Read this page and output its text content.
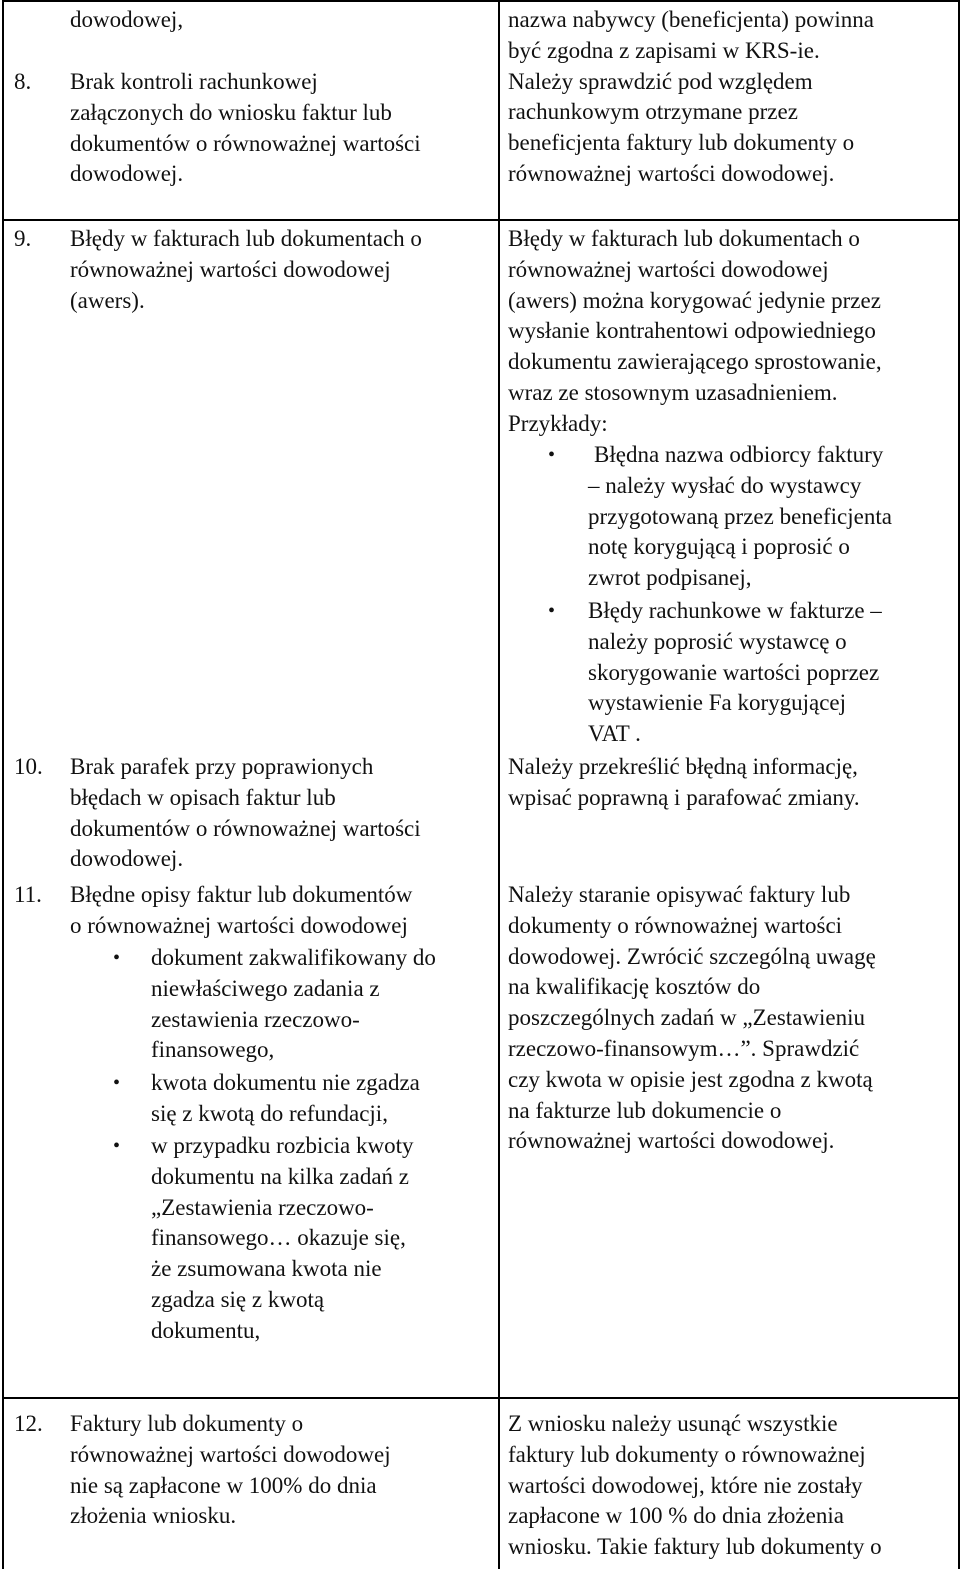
dowodowej,	nazwa nabywcy (beneficjenta) powinna

być zgodna z zapisami w KRS-ie.

Należy sprawdzić pod względem

rachunkowym otrzymane przez

beneficjenta faktury lub dokumenty o

równoważnej wartości dowodowej.

8. Brak kontroli rachunkowej

załączonych do wniosku faktur lub

dokumentów o równoważnej wartości

dowodowej.

9. Błędy w fakturach lub dokumentach o

równoważnej wartości dowodowej

(awers).

Błędy w fakturach lub dokumentach o

równoważnej wartości dowodowej

(awers) można korygować jedynie przez

wysłanie kontrahentowi odpowiedniego

dokumentu zawierającego sprostowanie,

wraz ze stosownym uzasadnieniem.

Przykłady:

• Błędna nazwa odbiorcy faktury

– należy wysłać do wystawcy

przygotowaną przez beneficjenta

notę korygującą i poprosić o

zwrot podpisanej,

• Błędy rachunkowe w fakturze –

należy poprosić wystawcę o

skorygowanie wartości poprzez

wystawienie Fa korygującej

VAT .

10. Brak parafek przy poprawionych

błędach w opisach faktur lub

dokumentów o równoważnej wartości

dowodowej.

Należy przekreślić błędną informację,

wpisać poprawną i parafować zmiany.

11. Błędne opisy faktur lub dokumentów

o równoważnej wartości dowodowej

• dokument zakwalifikowany do

niewłaściwego zadania z

zestawienia rzeczowo-

finansowego,

• kwota dokumentu nie zgadza

się z kwotą do refundacji,

• w przypadku rozbicia kwoty

dokumentu na kilka zadań z

„Zestawienia rzeczowo-

finansowego… okazuje się,

że zsumowana kwota nie

zgadza się z kwotą

dokumentu,

Należy staranie opisywać faktury lub

dokumenty o równoważnej wartości

dowodowej. Zwrócić szczególną uwagę

na kwalifikację kosztów do

poszczególnych zadań w „Zestawieniu

rzeczowo-finansowym…”. Sprawdzić

czy kwota w opisie jest zgodna z kwotą

na fakturze lub dokumencie o

równoważnej wartości dowodowej.

12. Faktury lub dokumenty o

równoważnej wartości dowodowej

nie są zapłacone w 100% do dnia

złożenia wniosku.

Z wniosku należy usunąć wszystkie

faktury lub dokumenty o równoważnej

wartości dowodowej, które nie zostały

zapłacone w 100 % do dnia złożenia

wniosku. Takie faktury lub dokumenty o
